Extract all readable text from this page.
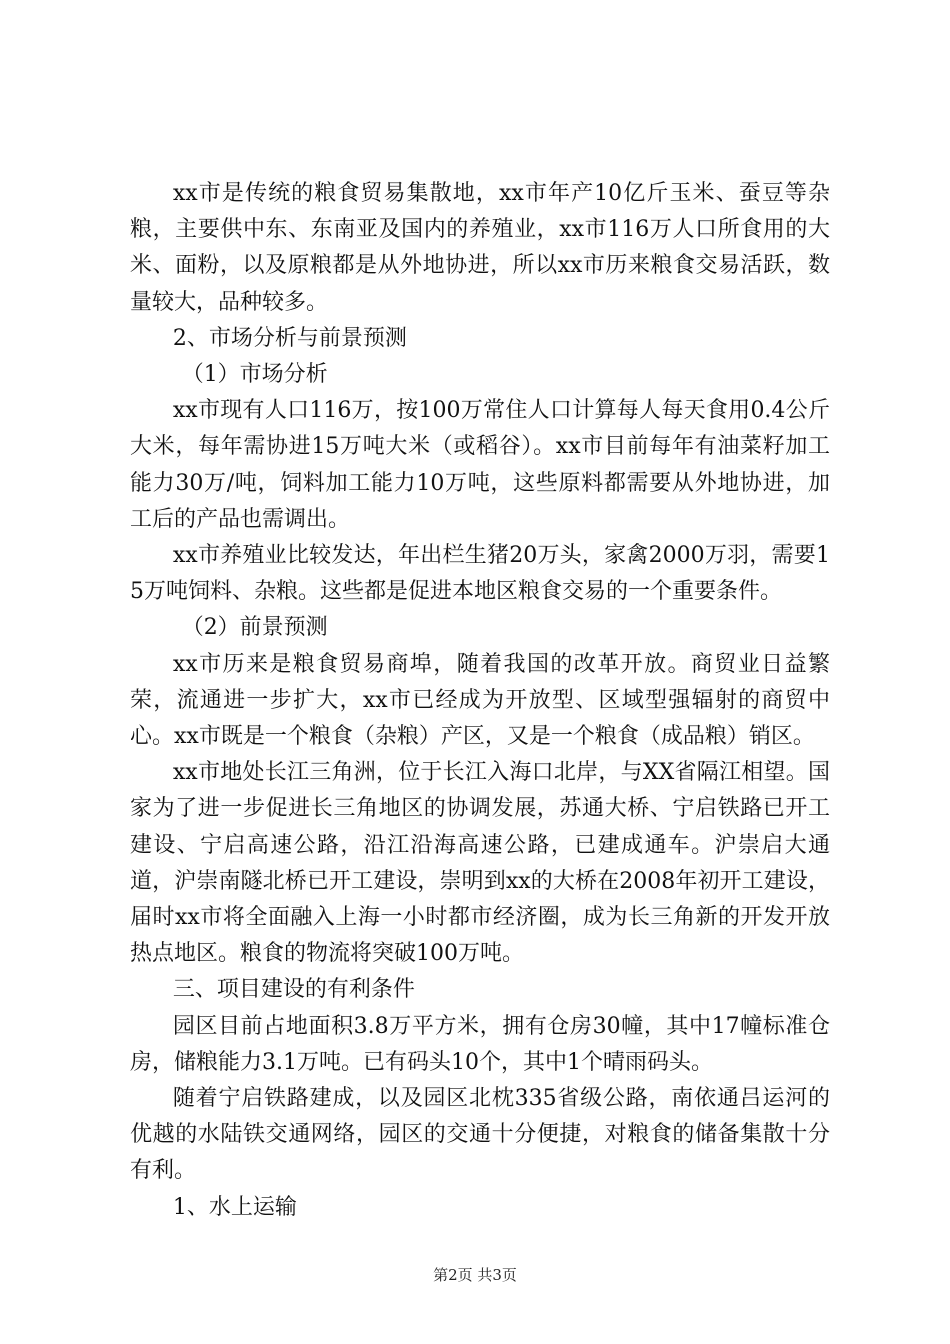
xx市是传统的粮食贸易集散地，xx市年产10亿斤玉米、蚕豆等杂粮，主要供中东、东南亚及国内的养殖业，xx市116万人口所食用的大米、面粉，以及原粮都是从外地协进，所以xx市历来粮食交易活跃，数量较大，品种较多。

2、市场分析与前景预测

（1）市场分析

xx市现有人口116万，按100万常住人口计算每人每天食用0.4公斤大米，每年需协进15万吨大米（或稻谷）。xx市目前每年有油菜籽加工能力30万/吨，饲料加工能力10万吨，这些原料都需要从外地协进，加工后的产品也需调出。

xx市养殖业比较发达，年出栏生猪20万头，家禽2000万羽，需要15万吨饲料、杂粮。这些都是促进本地区粮食交易的一个重要条件。

（2）前景预测

xx市历来是粮食贸易商埠，随着我国的改革开放。商贸业日益繁荣，流通进一步扩大，xx市已经成为开放型、区域型强辐射的商贸中心。xx市既是一个粮食（杂粮）产区，又是一个粮食（成品粮）销区。

xx市地处长江三角洲，位于长江入海口北岸，与XX省隔江相望。国家为了进一步促进长三角地区的协调发展，苏通大桥、宁启铁路已开工建设、宁启高速公路，沿江沿海高速公路，已建成通车。沪崇启大通道，沪崇南隧北桥已开工建设，崇明到xx的大桥在2008年初开工建设，届时xx市将全面融入上海一小时都市经济圈，成为长三角新的开发开放热点地区。粮食的物流将突破100万吨。

三、项目建设的有利条件

园区目前占地面积3.8万平方米，拥有仓房30幢，其中17幢标准仓房，储粮能力3.1万吨。已有码头10个，其中1个晴雨码头。

随着宁启铁路建成，以及园区北枕335省级公路，南依通吕运河的优越的水陆铁交通网络，园区的交通十分便捷，对粮食的储备集散十分有利。

1、水上运输

第2页 共3页
